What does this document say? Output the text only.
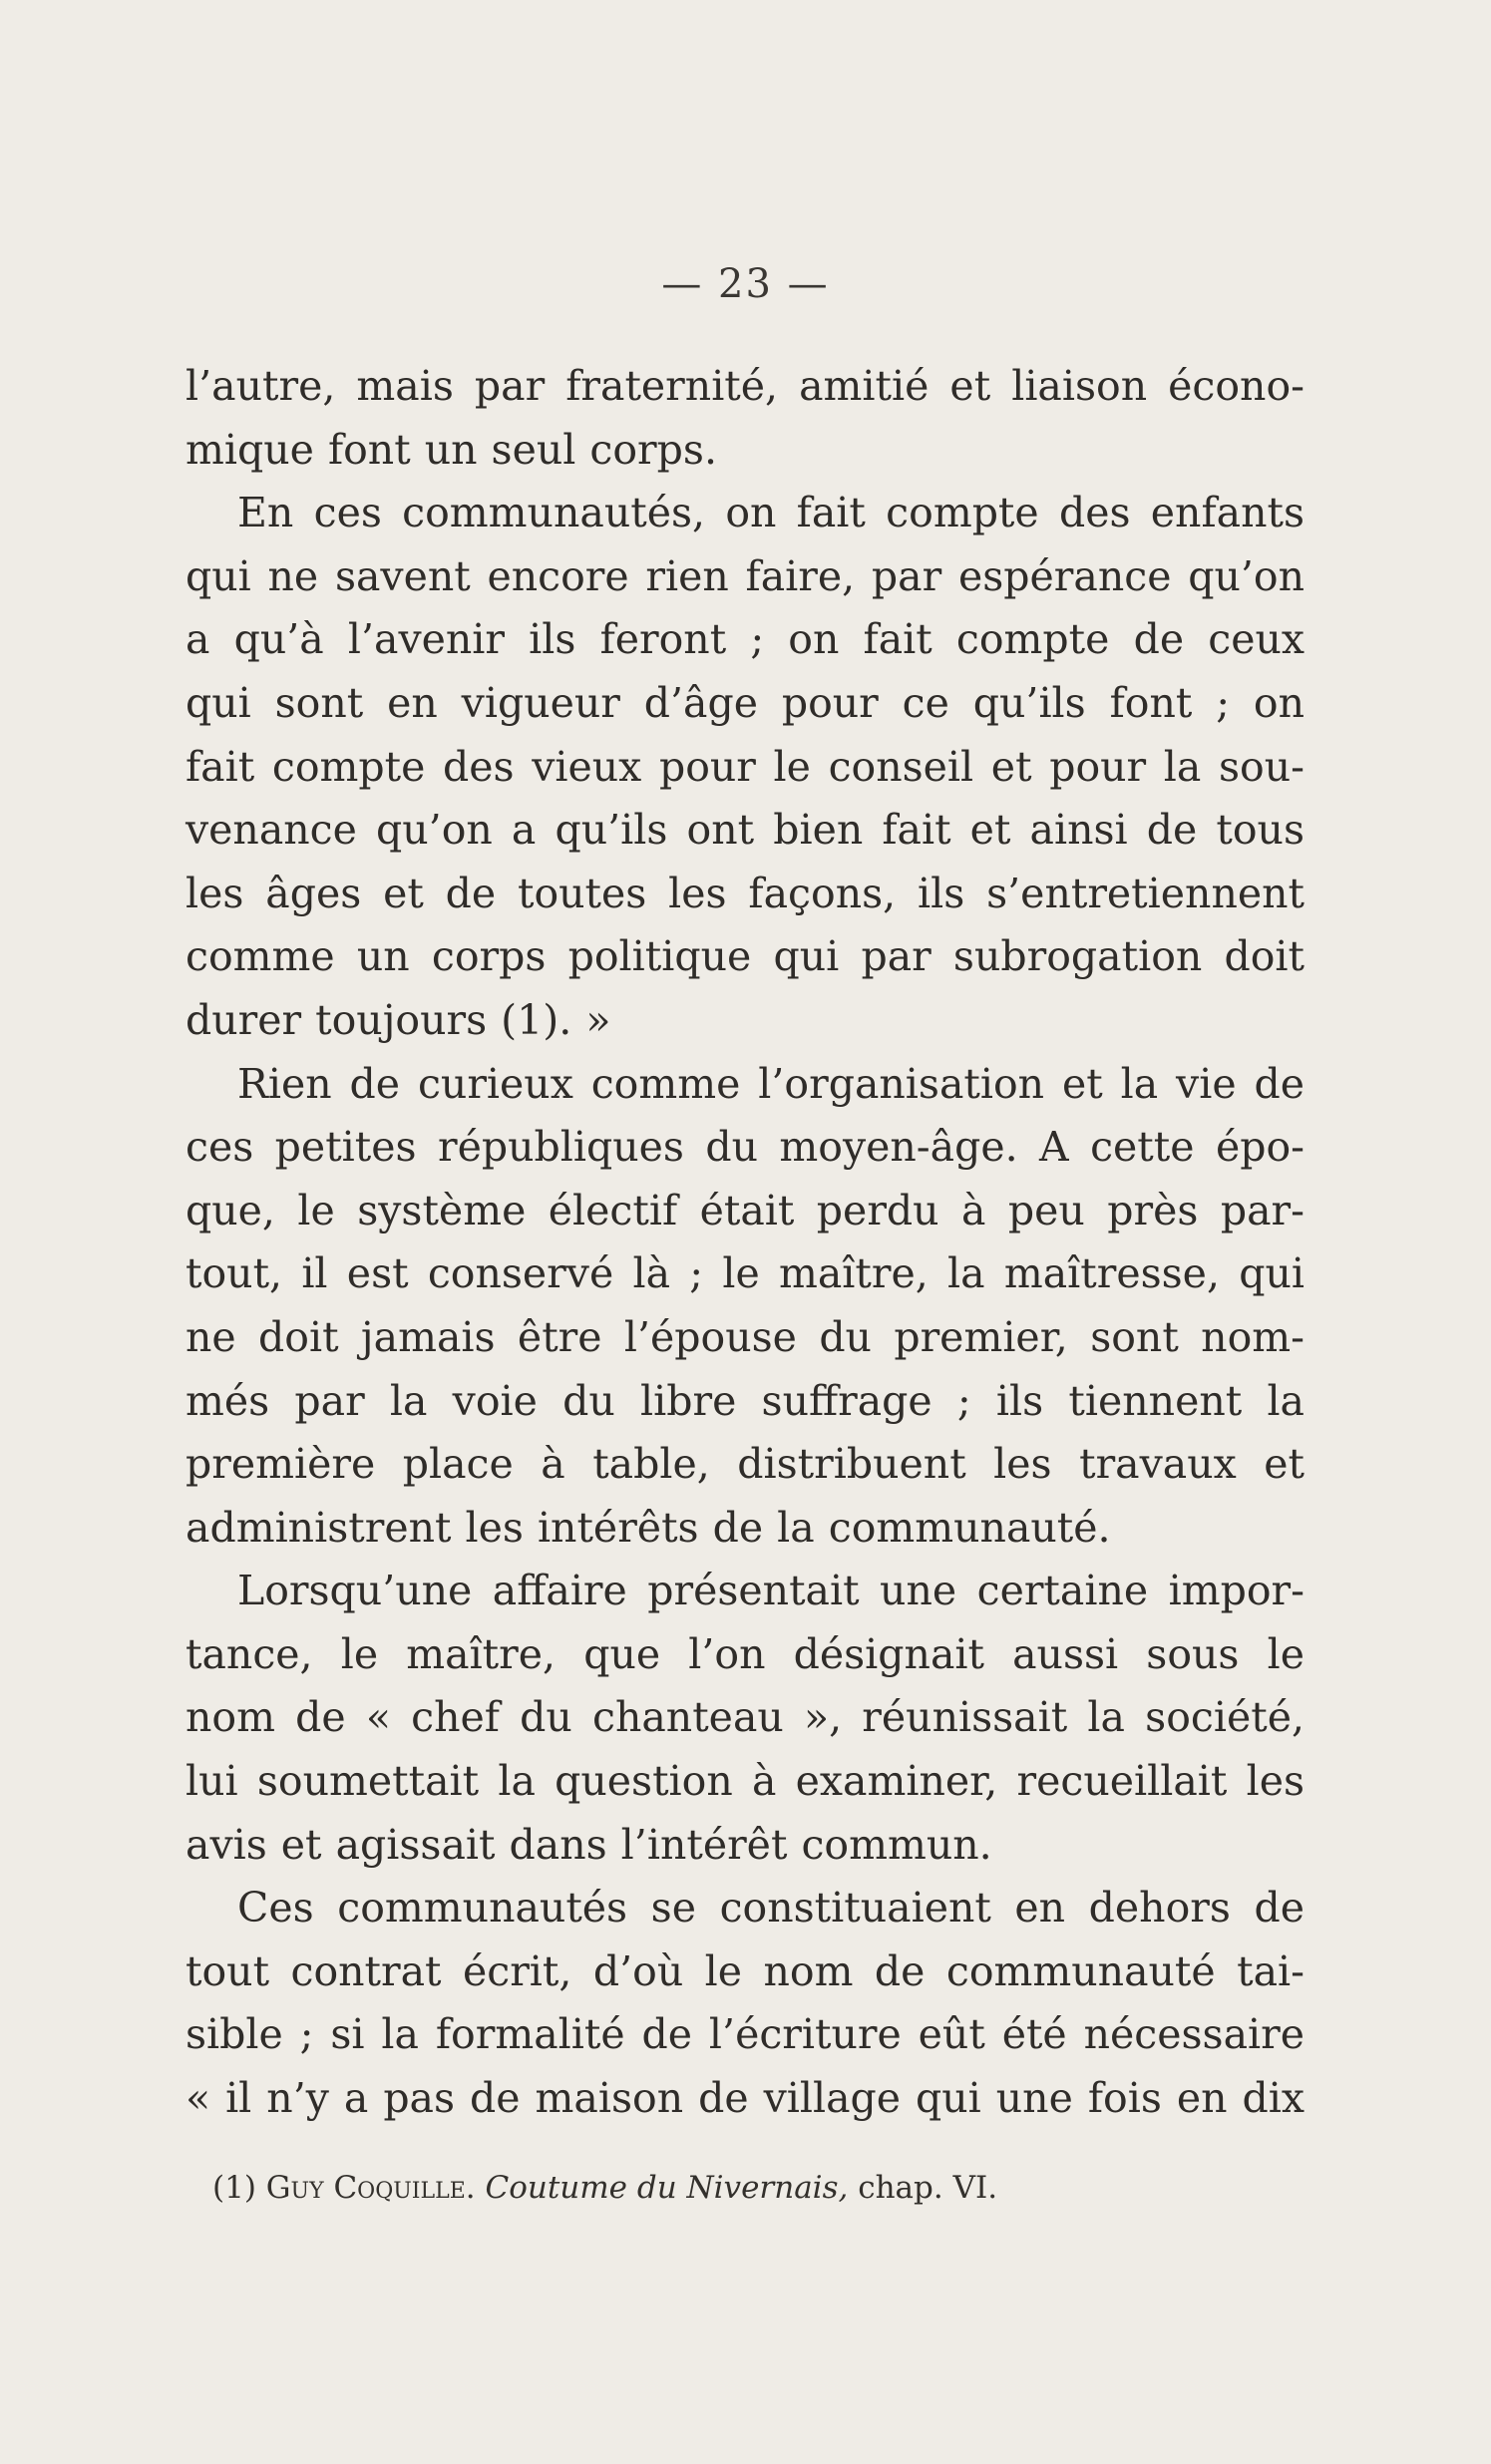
— 23 —
l’autre, mais par fraternité, amitié et liaison écono-
mique font un seul corps.
En ces communautés, on fait compte des enfants
qui ne savent encore rien faire, par espérance qu’on
a qu’à l’avenir ils feront ; on fait compte de ceux
qui sont en vigueur d’âge pour ce qu’ils font ; on
fait compte des vieux pour le conseil et pour la sou-
venance qu’on a qu’ils ont bien fait et ainsi de tous
les âges et de toutes les façons, ils s’entretiennent
comme un corps politique qui par subrogation doit
durer toujours (1). »
Rien de curieux comme l’organisation et la vie de
ces petites républiques du moyen-âge. A cette épo-
que, le système électif était perdu à peu près par-
tout, il est conservé là ; le maître, la maîtresse, qui
ne doit jamais être l’épouse du premier, sont nom-
més par la voie du libre suffrage ; ils tiennent la
première place à table, distribuent les travaux et
administrent les intérêts de la communauté.
Lorsqu’une affaire présentait une certaine impor-
tance, le maître, que l’on désignait aussi sous le
nom de « chef du chanteau », réunissait la société,
lui soumettait la question à examiner, recueillait les
avis et agissait dans l’intérêt commun.
Ces communautés se constituaient en dehors de
tout contrat écrit, d’où le nom de communauté tai-
sible ; si la formalité de l’écriture eût été nécessaire
« il n’y a pas de maison de village qui une fois en dix
(1) Guy Coquille. Coutume du Nivernais, chap. VI.
